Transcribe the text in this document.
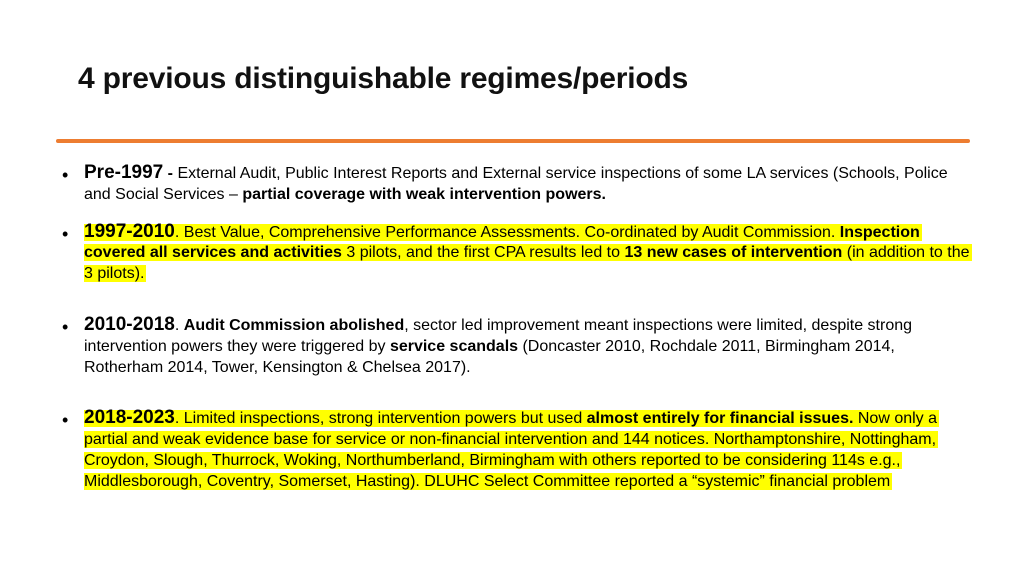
4 previous distinguishable regimes/periods
• Pre-1997 - External Audit, Public Interest Reports and External service inspections of some LA services (Schools, Police and Social Services – partial coverage with weak intervention powers.
• 1997-2010. Best Value, Comprehensive Performance Assessments. Co-ordinated by Audit Commission. Inspection covered all services and activities 3 pilots, and the first CPA results led to 13 new cases of intervention (in addition to the 3 pilots).
• 2010-2018. Audit Commission abolished, sector led improvement meant inspections were limited, despite strong intervention powers they were triggered by service scandals (Doncaster 2010, Rochdale 2011, Birmingham 2014, Rotherham 2014, Tower, Kensington & Chelsea 2017).
• 2018-2023. Limited inspections, strong intervention powers but used almost entirely for financial issues. Now only a partial and weak evidence base for service or non-financial intervention and 144 notices. Northamptonshire, Nottingham, Croydon, Slough, Thurrock, Woking, Northumberland, Birmingham with others reported to be considering 114s e.g., Middlesborough, Coventry, Somerset, Hasting). DLUHC Select Committee reported a “systemic” financial problem
